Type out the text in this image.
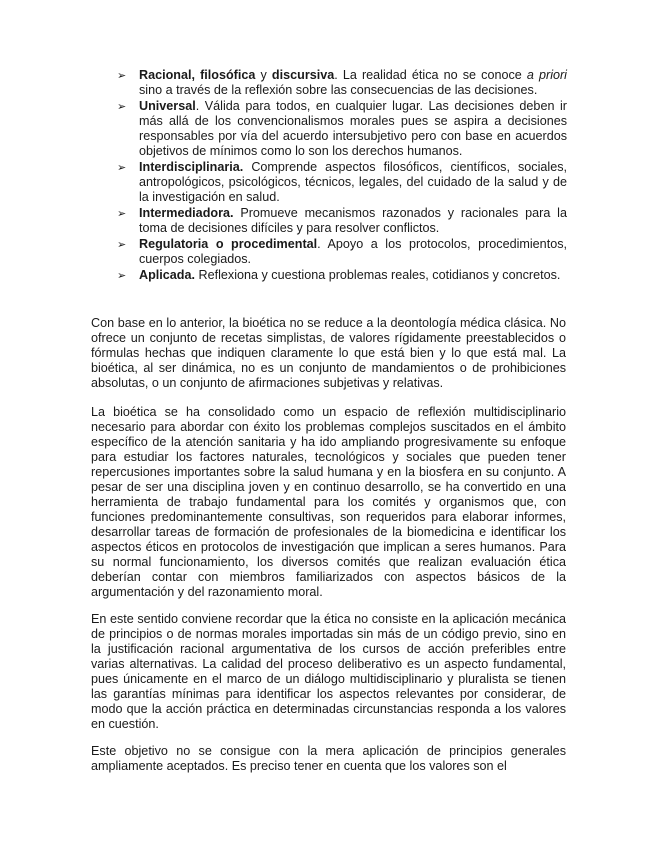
➢ Racional, filosófica y discursiva. La realidad ética no se conoce a priori sino a través de la reflexión sobre las consecuencias de las decisiones.
➢ Universal. Válida para todos, en cualquier lugar. Las decisiones deben ir más allá de los convencionalismos morales pues se aspira a decisiones responsables por vía del acuerdo intersubjetivo pero con base en acuerdos objetivos de mínimos como lo son los derechos humanos.
➢ Interdisciplinaria. Comprende aspectos filosóficos, científicos, sociales, antropológicos, psicológicos, técnicos, legales, del cuidado de la salud y de la investigación en salud.
➢ Intermediadora. Promueve mecanismos razonados y racionales para la toma de decisiones difíciles y para resolver conflictos.
➢ Regulatoria o procedimental. Apoyo a los protocolos, procedimientos, cuerpos colegiados.
➢ Aplicada. Reflexiona y cuestiona problemas reales, cotidianos y concretos.

Con base en lo anterior, la bioética no se reduce a la deontología médica clásica. No ofrece un conjunto de recetas simplistas, de valores rígidamente preestablecidos o fórmulas hechas que indiquen claramente lo que está bien y lo que está mal. La bioética, al ser dinámica, no es un conjunto de mandamientos o de prohibiciones absolutas, o un conjunto de afirmaciones subjetivas y relativas.

La bioética se ha consolidado como un espacio de reflexión multidisciplinario necesario para abordar con éxito los problemas complejos suscitados en el ámbito específico de la atención sanitaria y ha ido ampliando progresivamente su enfoque para estudiar los factores naturales, tecnológicos y sociales que pueden tener repercusiones importantes sobre la salud humana y en la biosfera en su conjunto. A pesar de ser una disciplina joven y en continuo desarrollo, se ha convertido en una herramienta de trabajo fundamental para los comités y organismos que, con funciones predominantemente consultivas, son requeridos para elaborar informes, desarrollar tareas de formación de profesionales de la biomedicina e identificar los aspectos éticos en protocolos de investigación que implican a seres humanos. Para su normal funcionamiento, los diversos comités que realizan evaluación ética deberían contar con miembros familiarizados con aspectos básicos de la argumentación y del razonamiento moral.

En este sentido conviene recordar que la ética no consiste en la aplicación mecánica de principios o de normas morales importadas sin más de un código previo, sino en la justificación racional argumentativa de los cursos de acción preferibles entre varias alternativas. La calidad del proceso deliberativo es un aspecto fundamental, pues únicamente en el marco de un diálogo multidisciplinario y pluralista se tienen las garantías mínimas para identificar los aspectos relevantes por considerar, de modo que la acción práctica en determinadas circunstancias responda a los valores en cuestión.

Este objetivo no se consigue con la mera aplicación de principios generales ampliamente aceptados. Es preciso tener en cuenta que los valores son el
